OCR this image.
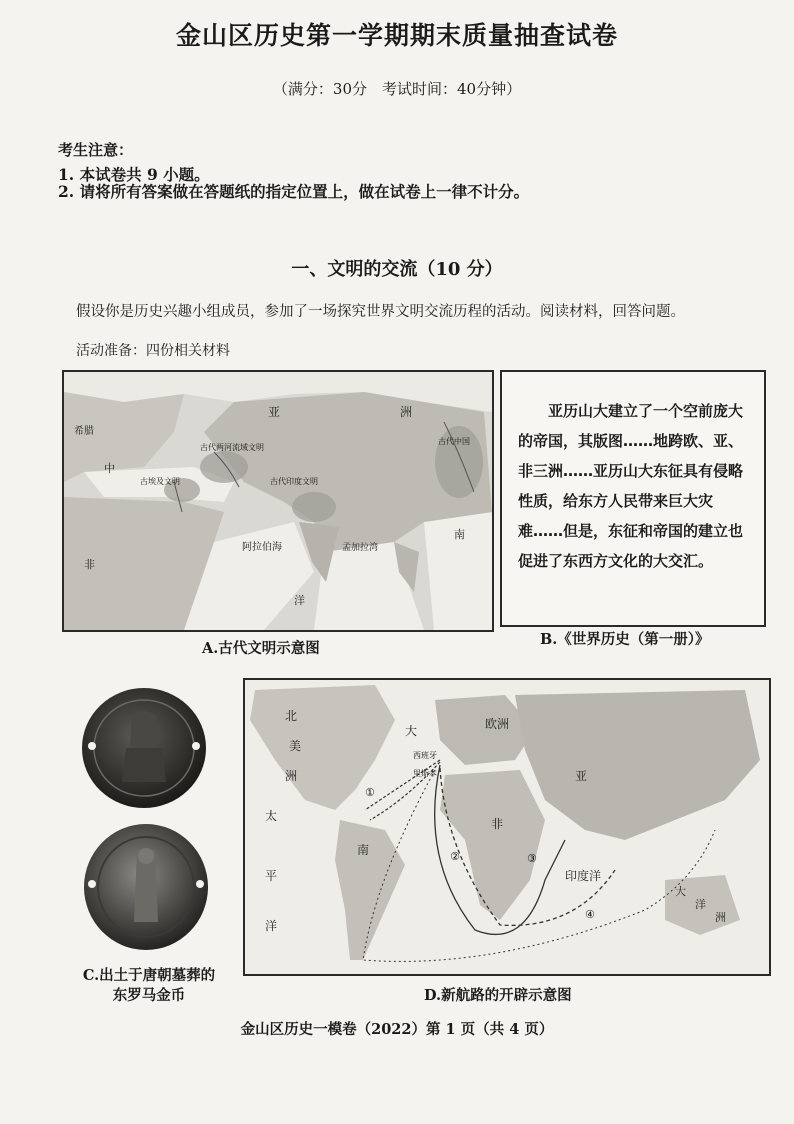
金山区历史第一学期期末质量抽查试卷
（满分：30分　考试时间：40分钟）
考生注意：
1. 本试卷共 9 小题。
2. 请将所有答案做在答题纸的指定位置上，做在试卷上一律不计分。
一、文明的交流（10 分）
假设你是历史兴趣小组成员，参加了一场探究世界文明交流历程的活动。阅读材料，回答问题。
活动准备：四份相关材料
亚	洲
希腊
中
古代两河流域文明
古埃及文明	古代印度文明
古代中国
阿拉伯海	孟加拉湾
南
非
洋
亚历山大建立了一个空前庞大的帝国，其版图……地跨欧、亚、非三洲……亚历山大东征具有侵略性质，给东方人民带来巨大灾难……但是，东征和帝国的建立也促进了东西方文化的大交汇。
A.古代文明示意图
B.《世界历史（第一册）》
C.出土于唐朝墓葬的
东罗马金币
北
美
洲
大	欧洲
亚
非
南
印度洋
太
平
洋
大
洋
洲
西班牙
里斯本
①
②	③
④
D.新航路的开辟示意图
金山区历史一模卷（2022）第 1 页（共 4 页）
